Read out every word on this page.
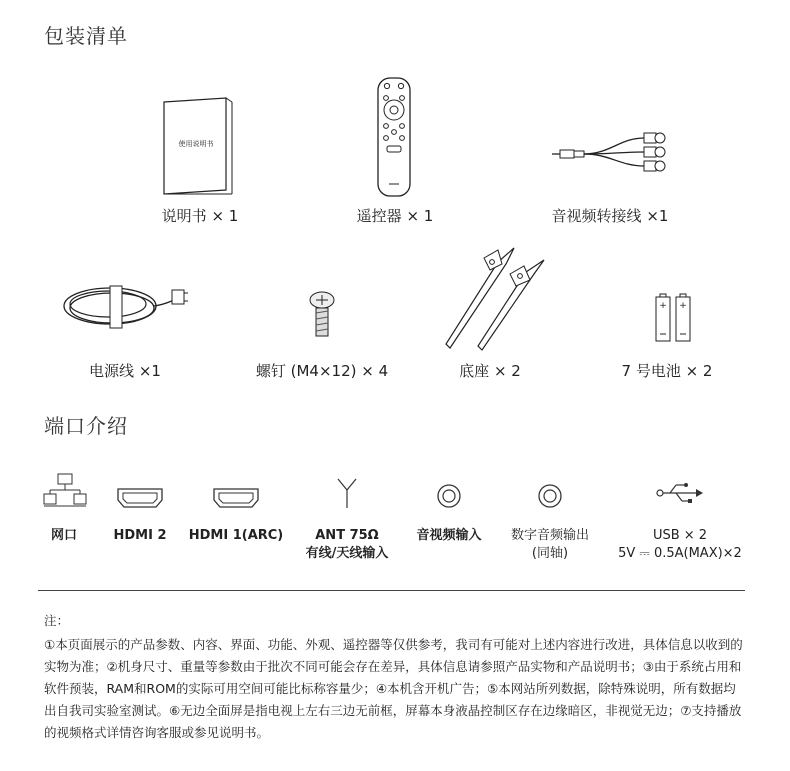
包装清单
使用说明书
说明书 × 1	遥控器 × 1	音视频转接线 ×1
电源线 ×1	螺钉 (M4×12) × 4	底座 × 2
+ +
7 号电池 × 2
端口介绍
网口	HDMI 2	HDMI 1(ARC)	ANT 75Ω
有线/天线输入
音视频输入	数字音频输出
(同轴)
USB × 2
5V ⎓ 0.5A(MAX)×2

注：

①本页面展示的产品参数、内容、界面、功能、外观、遥控器等仅供参考，我司有可能对上述内容进行改进，具体信息以收到的实物为准；②机身尺寸、重量等参数由于批次不同可能会存在差异，具体信息请参照产品实物和产品说明书；③由于系统占用和软件预装，RAM和ROM的实际可用空间可能比标称容量少；④本机含开机广告；⑤本网站所列数据，除特殊说明，所有数据均出自我司实验室测试。⑥无边全面屏是指电视上左右三边无前框，屏幕本身液晶控制区存在边缘暗区，非视觉无边；⑦支持播放的视频格式详情咨询客服或参见说明书。
